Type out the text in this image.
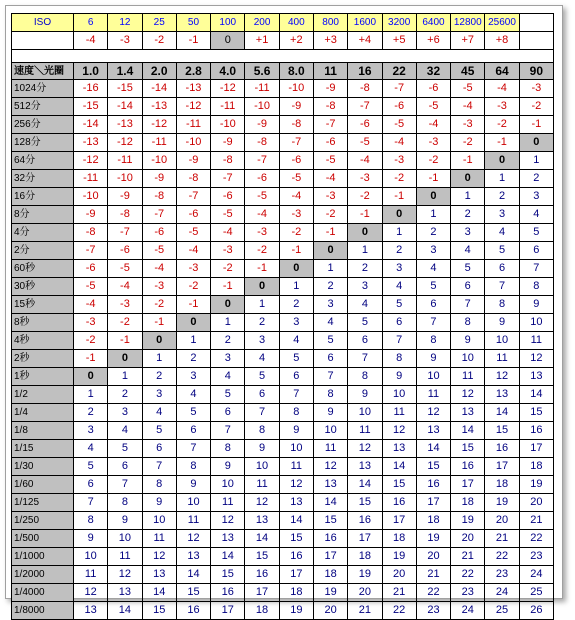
ISO	6	12	25	50	100	200	400	800	1600	3200	6400	12800	25600	
	-4	-3	-2	-1	0	+1	+2	+3	+4	+5	+6	+7	+8	

速度＼光圈	1.0	1.4	2.0	2.8	4.0	5.6	8.0	11	16	22	32	45	64	90
1024分	-16	-15	-14	-13	-12	-11	-10	-9	-8	-7	-6	-5	-4	-3
512分	-15	-14	-13	-12	-11	-10	-9	-8	-7	-6	-5	-4	-3	-2
256分	-14	-13	-12	-11	-10	-9	-8	-7	-6	-5	-4	-3	-2	-1
128分	-13	-12	-11	-10	-9	-8	-7	-6	-5	-4	-3	-2	-1	0
64分	-12	-11	-10	-9	-8	-7	-6	-5	-4	-3	-2	-1	0	1
32分	-11	-10	-9	-8	-7	-6	-5	-4	-3	-2	-1	0	1	2
16分	-10	-9	-8	-7	-6	-5	-4	-3	-2	-1	0	1	2	3
8分	-9	-8	-7	-6	-5	-4	-3	-2	-1	0	1	2	3	4
4分	-8	-7	-6	-5	-4	-3	-2	-1	0	1	2	3	4	5
2分	-7	-6	-5	-4	-3	-2	-1	0	1	2	3	4	5	6
60秒	-6	-5	-4	-3	-2	-1	0	1	2	3	4	5	6	7
30秒	-5	-4	-3	-2	-1	0	1	2	3	4	5	6	7	8
15秒	-4	-3	-2	-1	0	1	2	3	4	5	6	7	8	9
8秒	-3	-2	-1	0	1	2	3	4	5	6	7	8	9	10
4秒	-2	-1	0	1	2	3	4	5	6	7	8	9	10	11
2秒	-1	0	1	2	3	4	5	6	7	8	9	10	11	12
1秒	0	1	2	3	4	5	6	7	8	9	10	11	12	13
1/2	1	2	3	4	5	6	7	8	9	10	11	12	13	14
1/4	2	3	4	5	6	7	8	9	10	11	12	13	14	15
1/8	3	4	5	6	7	8	9	10	11	12	13	14	15	16
1/15	4	5	6	7	8	9	10	11	12	13	14	15	16	17
1/30	5	6	7	8	9	10	11	12	13	14	15	16	17	18
1/60	6	7	8	9	10	11	12	13	14	15	16	17	18	19
1/125	7	8	9	10	11	12	13	14	15	16	17	18	19	20
1/250	8	9	10	11	12	13	14	15	16	17	18	19	20	21
1/500	9	10	11	12	13	14	15	16	17	18	19	20	21	22
1/1000	10	11	12	13	14	15	16	17	18	19	20	21	22	23
1/2000	11	12	13	14	15	16	17	18	19	20	21	22	23	24
1/4000	12	13	14	15	16	17	18	19	20	21	22	23	24	25
1/8000	13	14	15	16	17	18	19	20	21	22	23	24	25	26
